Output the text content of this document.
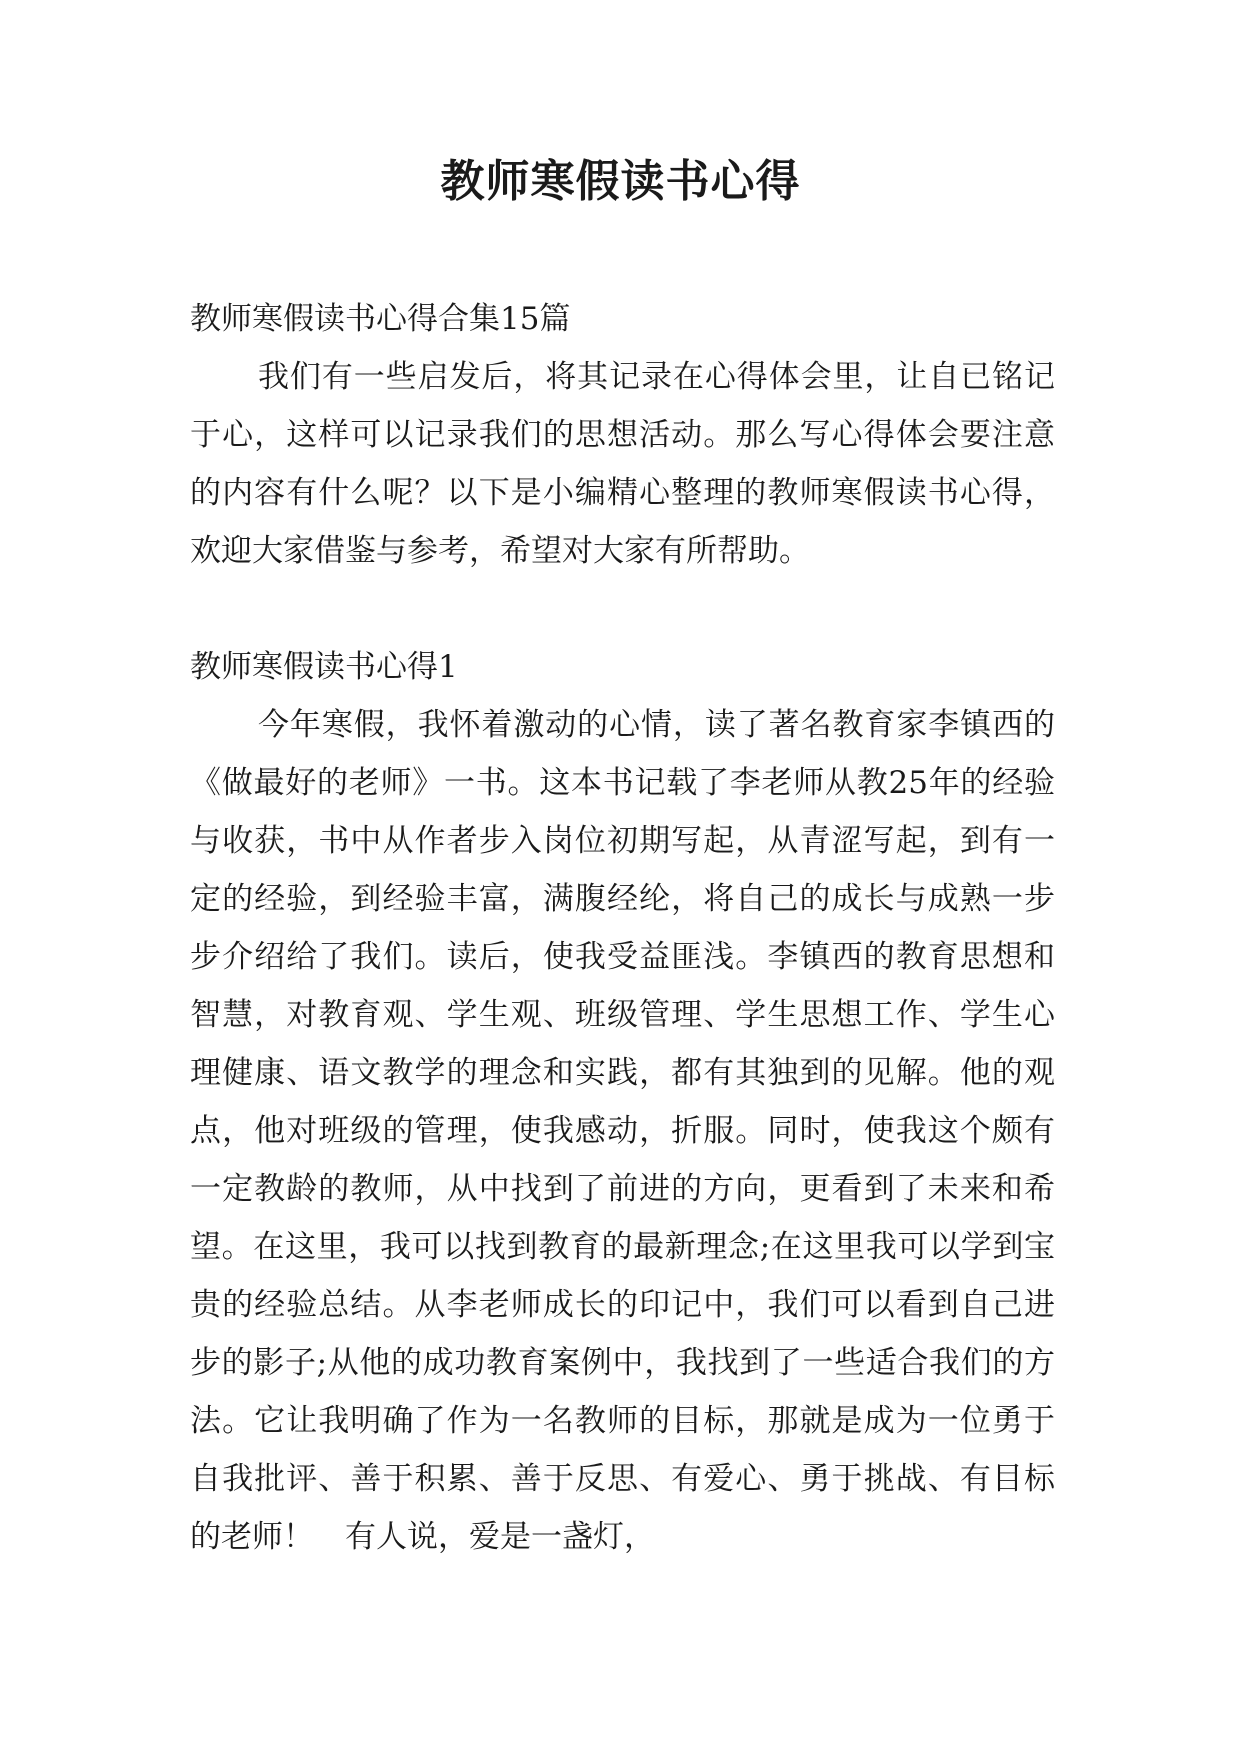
教师寒假读书心得

教师寒假读书心得合集15篇

我们有一些启发后，将其记录在心得体会里，让自已铭记于心，这样可以记录我们的思想活动。那么写心得体会要注意的内容有什么呢？以下是小编精心整理的教师寒假读书心得，欢迎大家借鉴与参考，希望对大家有所帮助。

教师寒假读书心得1

今年寒假，我怀着激动的心情，读了著名教育家李镇西的《做最好的老师》一书。这本书记载了李老师从教25年的经验与收获，书中从作者步入岗位初期写起，从青涩写起，到有一定的经验，到经验丰富，满腹经纶，将自己的成长与成熟一步步介绍给了我们。读后，使我受益匪浅。李镇西的教育思想和智慧，对教育观、学生观、班级管理、学生思想工作、学生心理健康、语文教学的理念和实践，都有其独到的见解。他的观点，他对班级的管理，使我感动，折服。同时，使我这个颇有一定教龄的教师，从中找到了前进的方向，更看到了未来和希望。在这里，我可以找到教育的最新理念;在这里我可以学到宝贵的经验总结。从李老师成长的印记中，我们可以看到自己进步的影子;从他的成功教育案例中，我找到了一些适合我们的方法。它让我明确了作为一名教师的目标，那就是成为一位勇于自我批评、善于积累、善于反思、有爱心、勇于挑战、有目标的老师！　有人说，爱是一盏灯，
